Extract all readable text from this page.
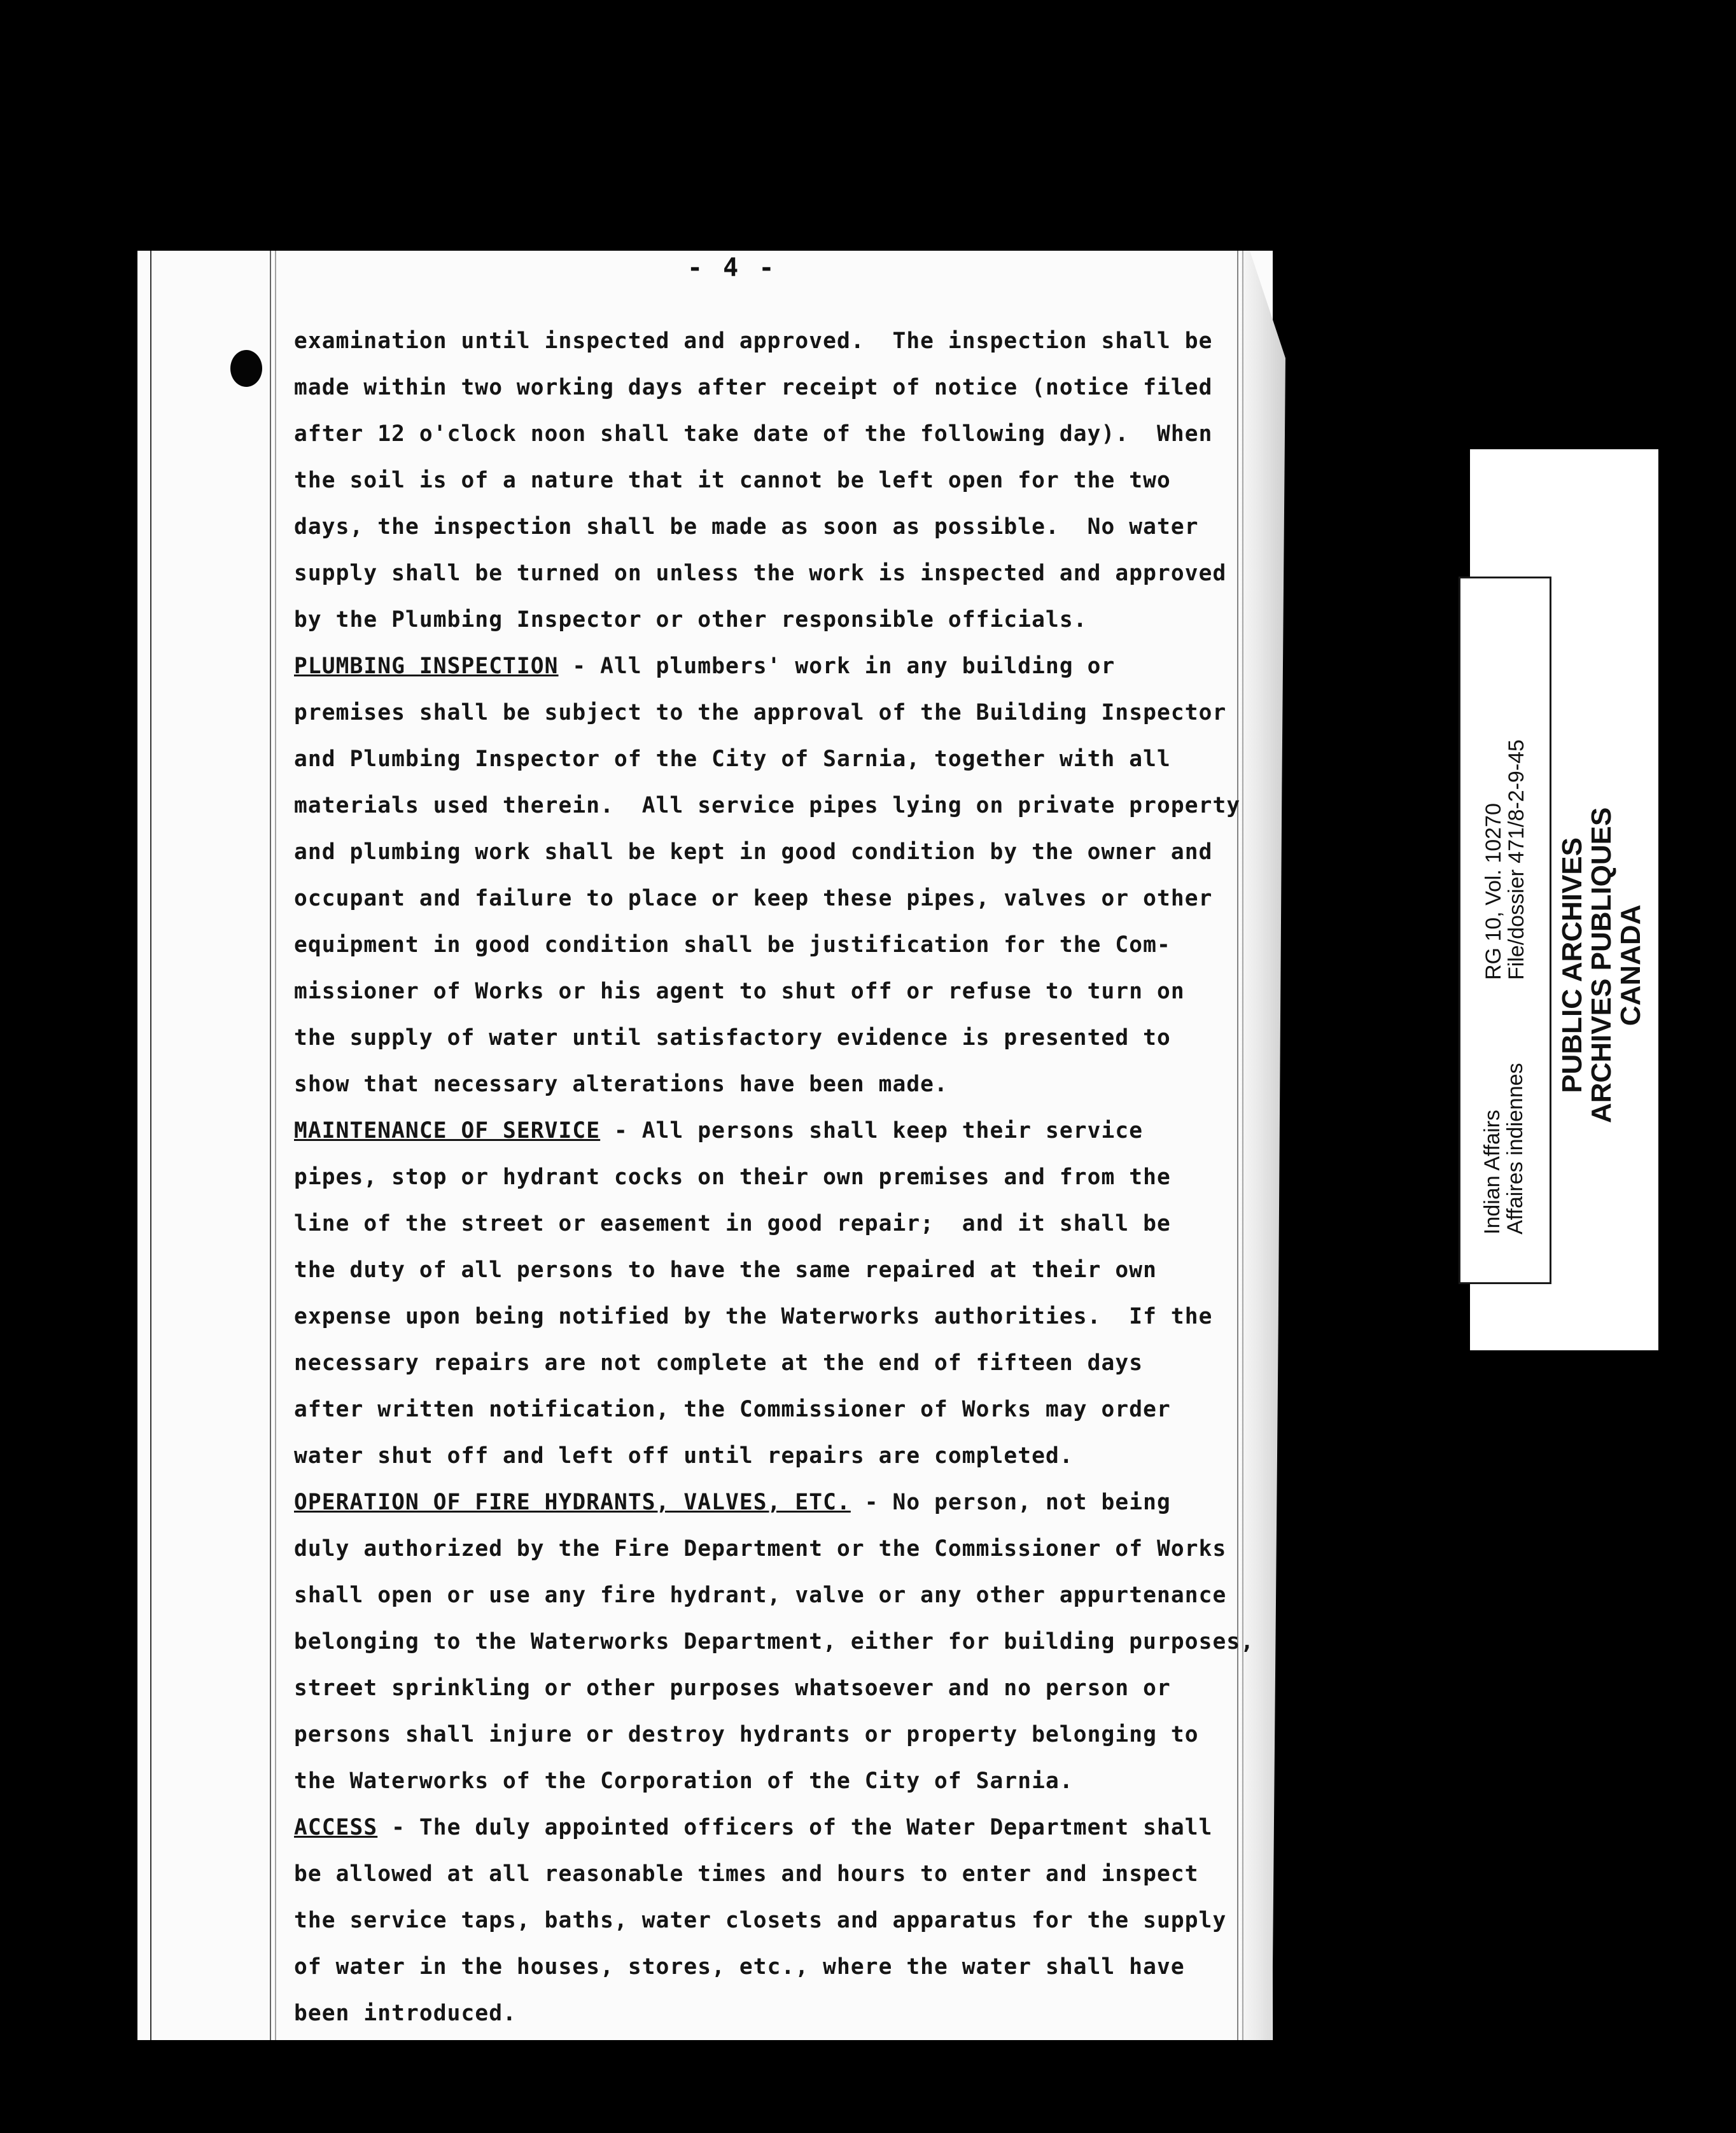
- 4 -
examination until inspected and approved.  The inspection shall be
made within two working days after receipt of notice (notice filed
after 12 o'clock noon shall take date of the following day).  When
the soil is of a nature that it cannot be left open for the two
days, the inspection shall be made as soon as possible.  No water
supply shall be turned on unless the work is inspected and approved
by the Plumbing Inspector or other responsible officials.
PLUMBING INSPECTION - All plumbers' work in any building or
premises shall be subject to the approval of the Building Inspector
and Plumbing Inspector of the City of Sarnia, together with all
materials used therein.  All service pipes lying on private property
and plumbing work shall be kept in good condition by the owner and
occupant and failure to place or keep these pipes, valves or other
equipment in good condition shall be justification for the Com-
missioner of Works or his agent to shut off or refuse to turn on
the supply of water until satisfactory evidence is presented to
show that necessary alterations have been made.
MAINTENANCE OF SERVICE - All persons shall keep their service
pipes, stop or hydrant cocks on their own premises and from the
line of the street or easement in good repair;  and it shall be
the duty of all persons to have the same repaired at their own
expense upon being notified by the Waterworks authorities.  If the
necessary repairs are not complete at the end of fifteen days
after written notification, the Commissioner of Works may order
water shut off and left off until repairs are completed.
OPERATION OF FIRE HYDRANTS, VALVES, ETC. - No person, not being
duly authorized by the Fire Department or the Commissioner of Works
shall open or use any fire hydrant, valve or any other appurtenance
belonging to the Waterworks Department, either for building purposes,
street sprinkling or other purposes whatsoever and no person or
persons shall injure or destroy hydrants or property belonging to
the Waterworks of the Corporation of the City of Sarnia.
ACCESS - The duly appointed officers of the Water Department shall
be allowed at all reasonable times and hours to enter and inspect
the service taps, baths, water closets and apparatus for the supply
of water in the houses, stores, etc., where the water shall have
been introduced.
Indian Affairs
Affaires indiennes
RG 10, Vol. 10270
File/dossier 471/8-2-9-45 PUBLIC ARCHIVES
ARCHIVES PUBLIQUES
CANADA
